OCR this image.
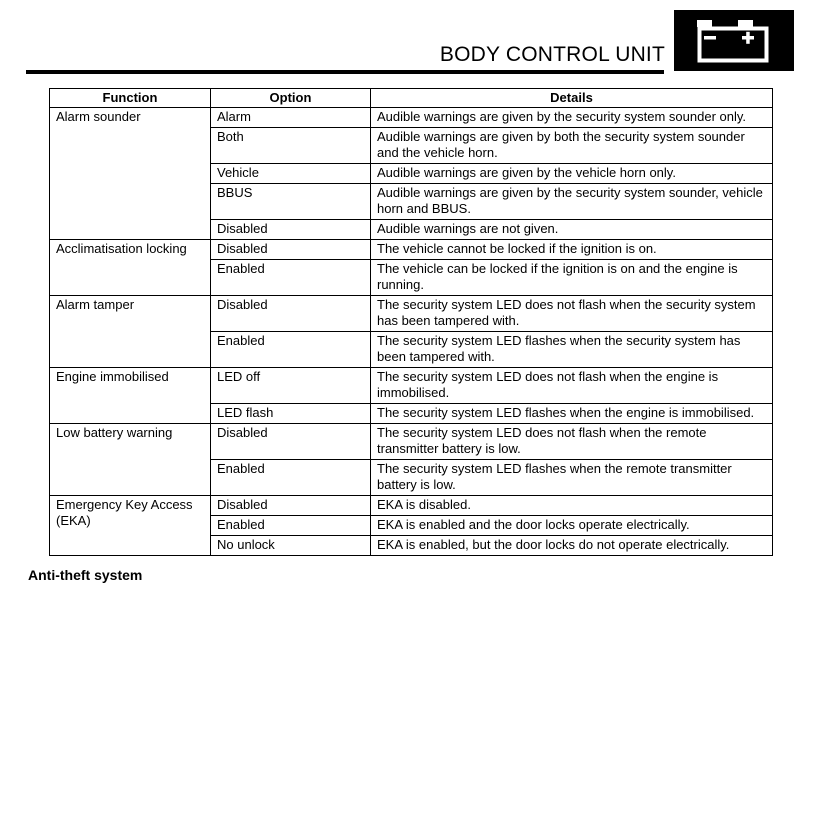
BODY CONTROL UNIT
Function	Option	Details
Alarm sounder	Alarm	Audible warnings are given by the security system sounder only.
	Both	Audible warnings are given by both the security system sounder and the vehicle horn.
	Vehicle	Audible warnings are given by the vehicle horn only.
	BBUS	Audible warnings are given by the security system sounder, vehicle horn and BBUS.
	Disabled	Audible warnings are not given.
Acclimatisation locking	Disabled	The vehicle cannot be locked if the ignition is on.
	Enabled	The vehicle can be locked if the ignition is on and the engine is running.
Alarm tamper	Disabled	The security system LED does not flash when the security system has been tampered with.
	Enabled	The security system LED flashes when the security system has been tampered with.
Engine immobilised	LED off	The security system LED does not flash when the engine is immobilised.
	LED flash	The security system LED flashes when the engine is immobilised.
Low battery warning	Disabled	The security system LED does not flash when the remote transmitter battery is low.
	Enabled	The security system LED flashes when the remote transmitter battery is low.
Emergency Key Access (EKA)	Disabled	EKA is disabled.
	Enabled	EKA is enabled and the door locks operate electrically.
	No unlock	EKA is enabled, but the door locks do not operate electrically.
Anti-theft system
